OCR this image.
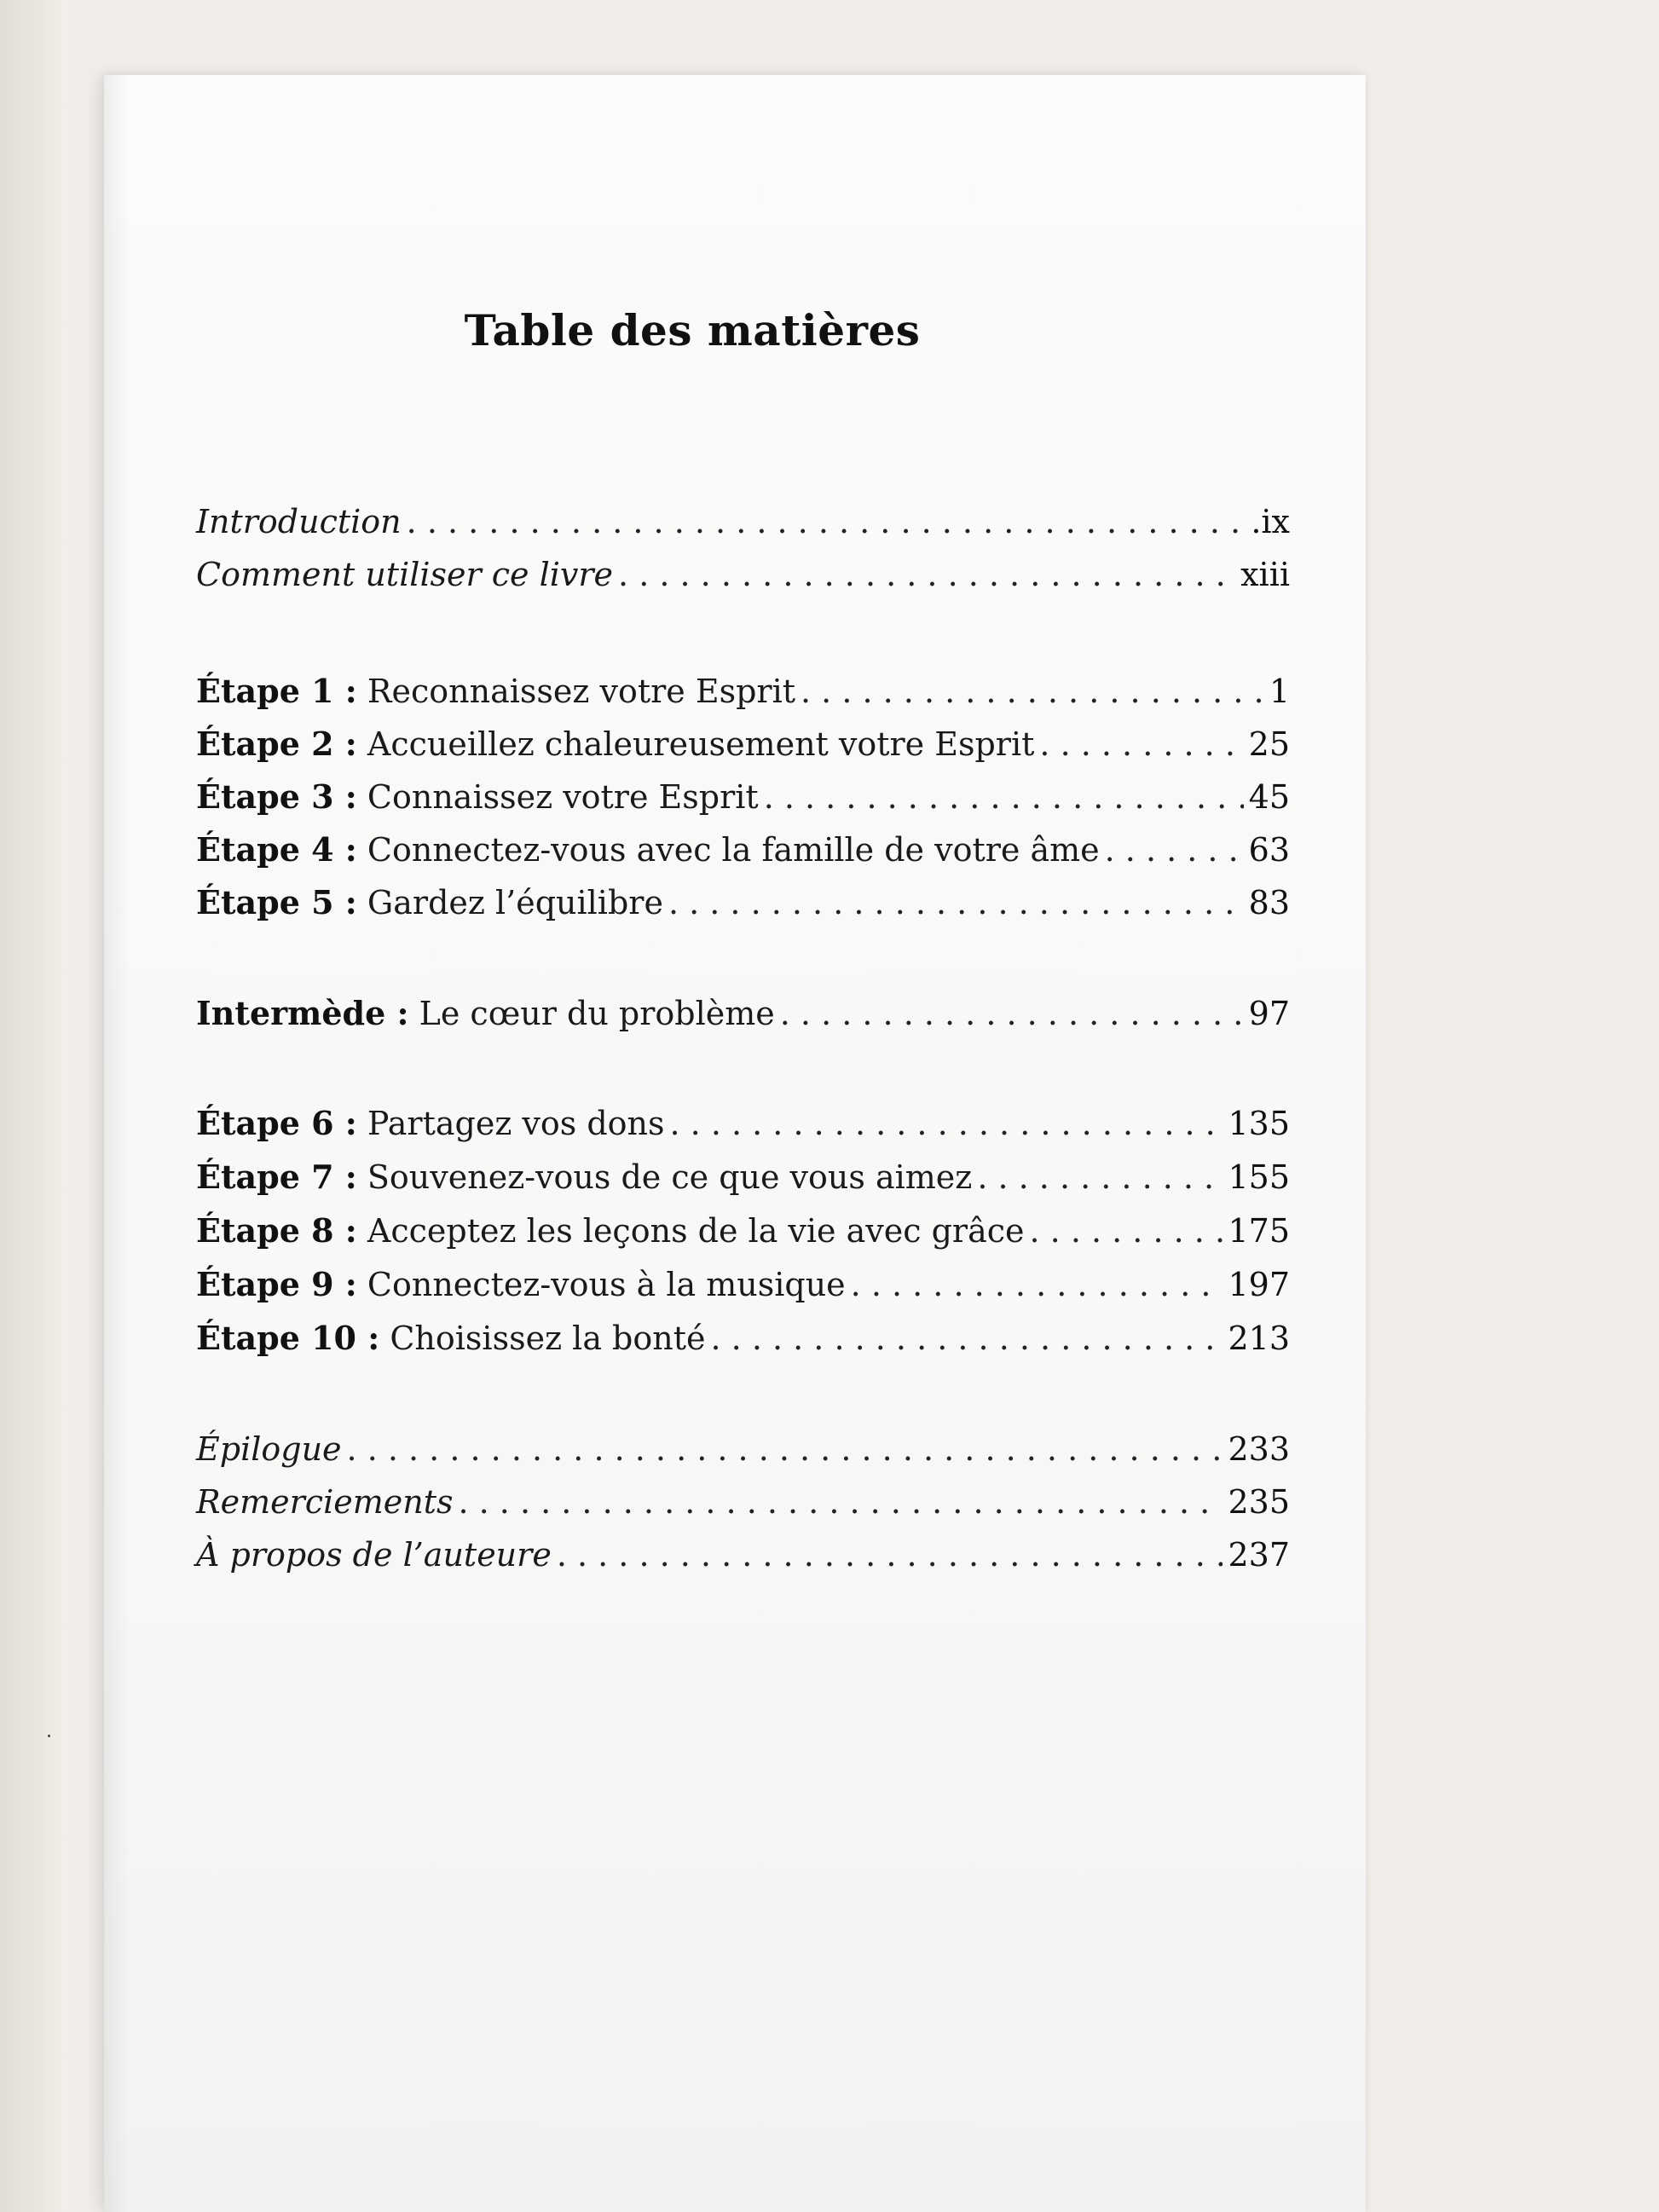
Table des matières
Introduction . . .	.ix
Comment utiliser ce livre . . .	xiii
Étape 1 : Reconnaissez votre Esprit . . .	1
Étape 2 : Accueillez chaleureusement votre Esprit . . .	25
Étape 3 : Connaissez votre Esprit . . .	45
Étape 4 : Connectez-vous avec la famille de votre âme . . .	63
Étape 5 : Gardez l’équilibre . . .	83
Intermède : Le cœur du problème . . .	97
Étape 6 : Partagez vos dons . . .	135
Étape 7 : Souvenez-vous de ce que vous aimez . . .	155
Étape 8 : Acceptez les leçons de la vie avec grâce . . .	175
Étape 9 : Connectez-vous à la musique . . .	197
Étape 10 : Choisissez la bonté . . .	213
Épilogue . . .	233
Remerciements . . .	235
À propos de l’auteure . . .	237
